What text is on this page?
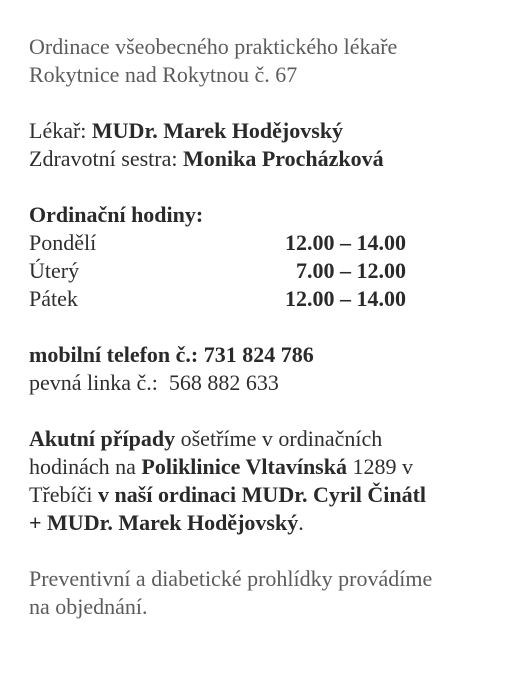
Ordinace všeobecného praktického lékaře
Rokytnice nad Rokytnou č. 67
Lékař: MUDr. Marek Hodějovský
Zdravotní sestra: Monika Procházková
Ordinační hodiny:
Pondělí	12.00 – 14.00
Úterý	7.00 – 12.00
Pátek	12.00 – 14.00
mobilní telefon č.: 731 824 786
pevná linka č.: 568 882 633
Akutní případy ošetříme v ordinačních
hodinách na Poliklinice Vltavínská 1289 v
Třebíči v naší ordinaci MUDr. Cyril Činátl
+ MUDr. Marek Hodějovský.
Preventivní a diabetické prohlídky provádíme
na objednání.
